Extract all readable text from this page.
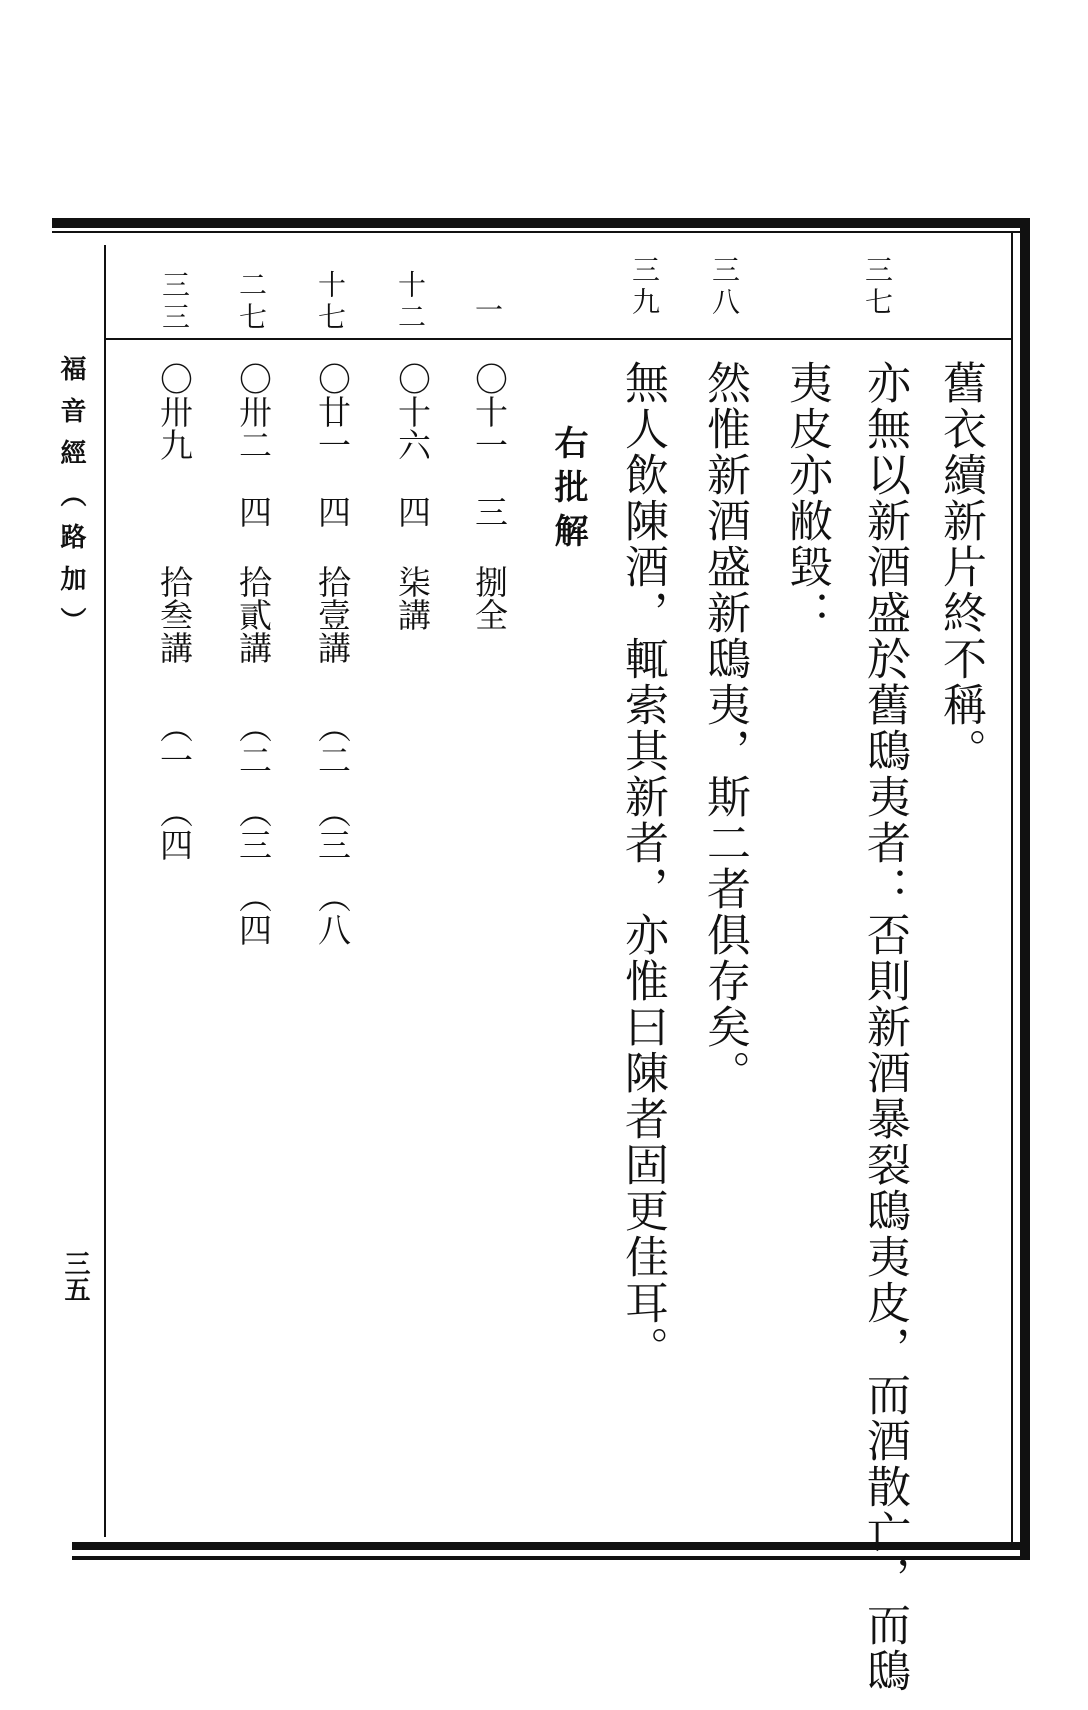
福音經（路加）
三五
三七
三八
三九
舊衣續新片終不稱。
亦無以新酒盛於舊鴟夷者：否則新酒暴裂鴟夷皮，而酒散亡，而鴟
夷皮亦敝毀：
然惟新酒盛新鴟夷，斯二者俱存矣。
無人飲陳酒，輒索其新者，亦惟曰陳者固更佳耳。
右批解
一
十二
十七
二七
三三
〇十一
三
捌全
〇十六
四
柒講
〇廿一
四
拾壹講
（二
（三
（八
〇卅二
四
拾貳講
（二
（三
（四
〇卅九
拾叁講
（一
（四
